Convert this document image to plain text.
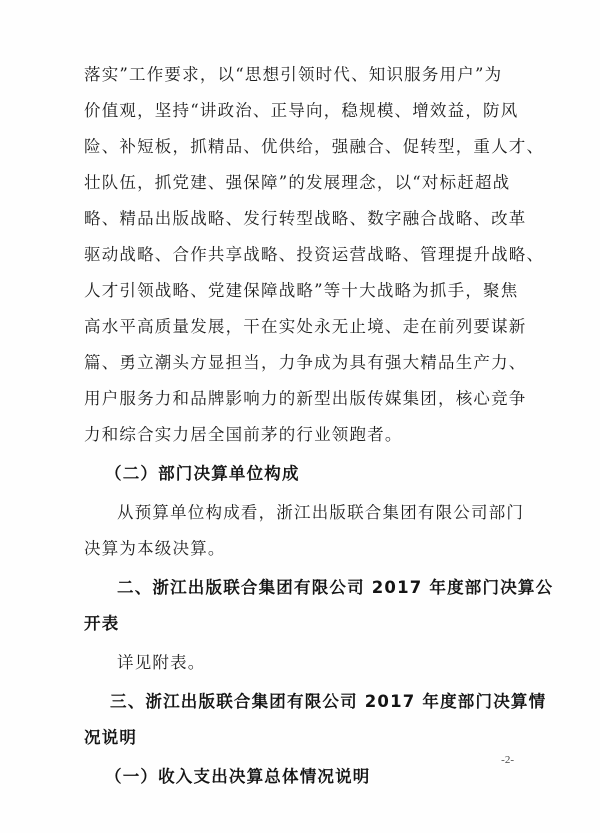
落实”工作要求，以“思想引领时代、知识服务用户”为
价值观，坚持“讲政治、正导向，稳规模、增效益，防风
险、补短板，抓精品、优供给，强融合、促转型，重人才、
壮队伍，抓党建、强保障”的发展理念，以“对标赶超战
略、精品出版战略、发行转型战略、数字融合战略、改革
驱动战略、合作共享战略、投资运营战略、管理提升战略、
人才引领战略、党建保障战略”等十大战略为抓手，聚焦
高水平高质量发展，干在实处永无止境、走在前列要谋新
篇、勇立潮头方显担当，力争成为具有强大精品生产力、
用户服务力和品牌影响力的新型出版传媒集团，核心竞争
力和综合实力居全国前茅的行业领跑者。
（二）部门决算单位构成
从预算单位构成看，浙江出版联合集团有限公司部门
决算为本级决算。
二、浙江出版联合集团有限公司 2017 年度部门决算公
开表
详见附表。
三、浙江出版联合集团有限公司 2017 年度部门决算情
况说明
（一）收入支出决算总体情况说明
-2-
